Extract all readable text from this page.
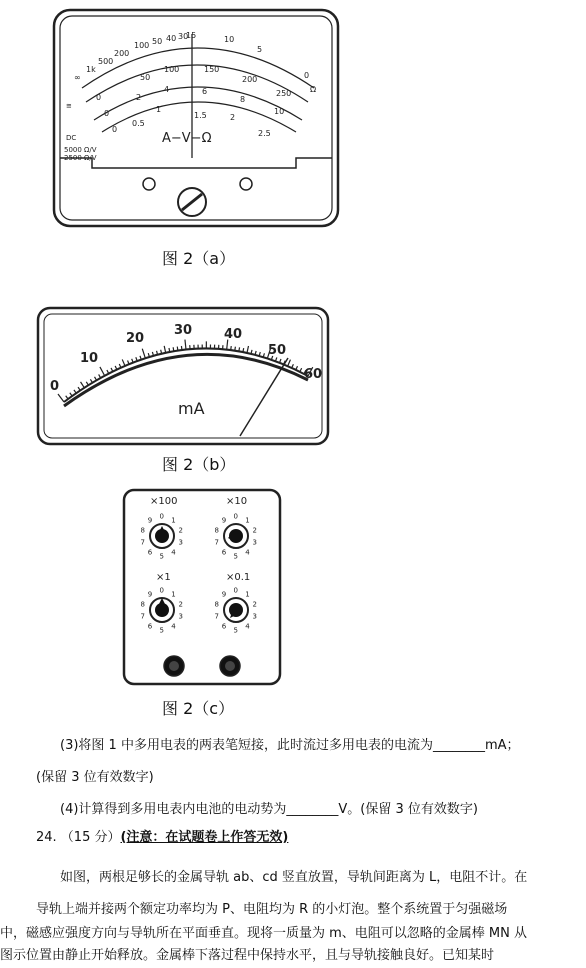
∞
1k
500
200
100 50 40 30
15	10
5
0
Ω
0
50
100	150
200
250
0
2
4	6
8
10
0
0.5
1
1.5	2
2.5
≅
DC
5000 Ω/V
2500 Ω/V
A−V−Ω
图 2（a）
0
10
20
30 40
50
60
mA
图 2（b）
×100	×10
×1	×0.1
0 1
2
3
4
5
6
7
8
9	0 1
2
3
4
5
6
7
8
9
0 1
2
3
4
5
6
7
8
9	0 1
2
3
4
5
6
7
8
9
图 2（c）
(3)将图 1 中多用电表的两表笔短接，此时流过多用电表的电流为________mA；
(保留 3 位有效数字)
(4)计算得到多用电表内电池的电动势为________V。(保留 3 位有效数字)
24. （15 分）(注意：在试题卷上作答无效)
如图，两根足够长的金属导轨 ab、cd 竖直放置，导轨间距离为 L，电阻不计。在
导轨上端并接两个额定功率均为 P、电阻均为 R 的小灯泡。整个系统置于匀强磁场
中，磁感应强度方向与导轨所在平面垂直。现将一质量为 m、电阻可以忽略的金属棒 MN 从
图示位置由静止开始释放。金属棒下落过程中保持水平，且与导轨接触良好。已知某时
